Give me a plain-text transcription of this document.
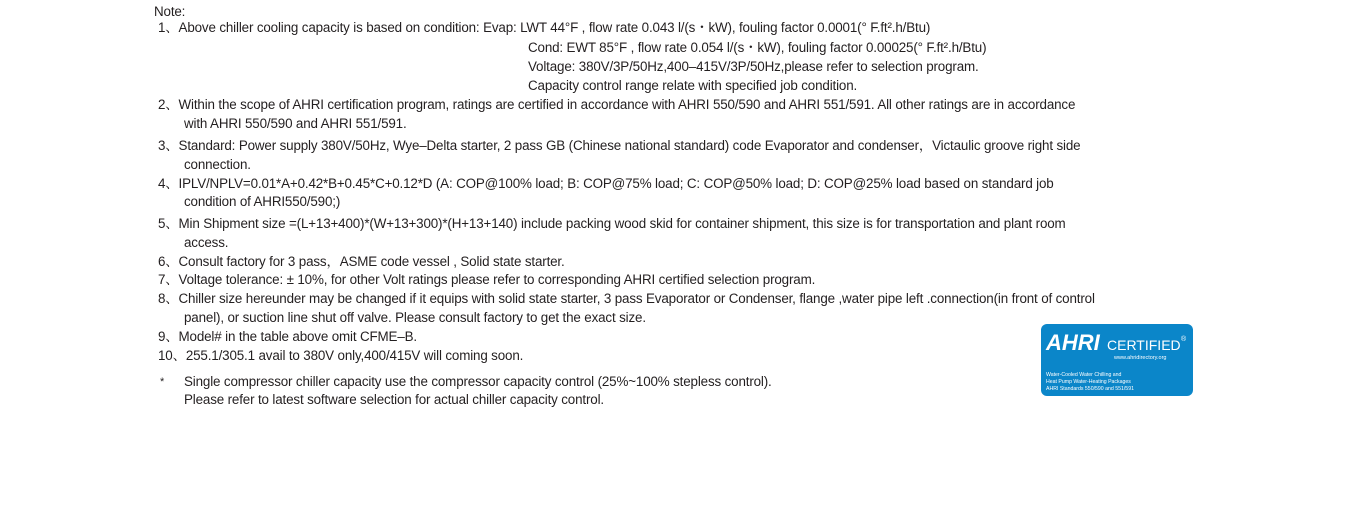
Note:
1、Above chiller cooling capacity is based on condition: Evap: LWT 44°F , flow rate 0.043 l/(s・kW), fouling factor 0.0001(° F.ft².h/Btu)
Cond: EWT 85°F , flow rate 0.054 l/(s・kW), fouling factor 0.00025(° F.ft².h/Btu)
Voltage: 380V/3P/50Hz,400–415V/3P/50Hz,please refer to selection program.
Capacity control range relate with specified job condition.
2、Within the scope of AHRI certification program, ratings are certified in accordance with AHRI 550/590 and AHRI 551/591. All other ratings are in accordance
with AHRI 550/590 and AHRI 551/591.
3、Standard: Power supply 380V/50Hz, Wye–Delta starter, 2 pass GB (Chinese national standard) code Evaporator and condenser，Victaulic groove right side
connection.
4、IPLV/NPLV=0.01*A+0.42*B+0.45*C+0.12*D (A: COP@100% load; B: COP@75% load; C: COP@50% load; D: COP@25% load based on standard job
condition of AHRI550/590;)
5、Min Shipment size =(L+13+400)*(W+13+300)*(H+13+140) include packing wood skid for container shipment, this size is for transportation and plant room
access.
6、Consult factory for 3 pass，ASME code vessel , Solid state starter.
7、Voltage tolerance: ± 10%, for other Volt ratings please refer to corresponding AHRI certified selection program.
8、Chiller size hereunder may be changed if it equips with solid state starter, 3 pass Evaporator or Condenser, flange ,water pipe left .connection(in front of control
panel), or suction line shut off valve. Please consult factory to get the exact size.
9、Model# in the table above omit CFME–B.
10、255.1/305.1 avail to 380V only,400/415V will coming soon.
* Single compressor chiller capacity use the compressor capacity control (25%~100% stepless control).
Please refer to latest software selection for actual chiller capacity control.
AHRI CERTIFIED ®
www.ahridirectory.org
Water-Cooled Water Chilling and
Heat Pump Water-Heating Packages
AHRI Standards 550/590 and 551/591
